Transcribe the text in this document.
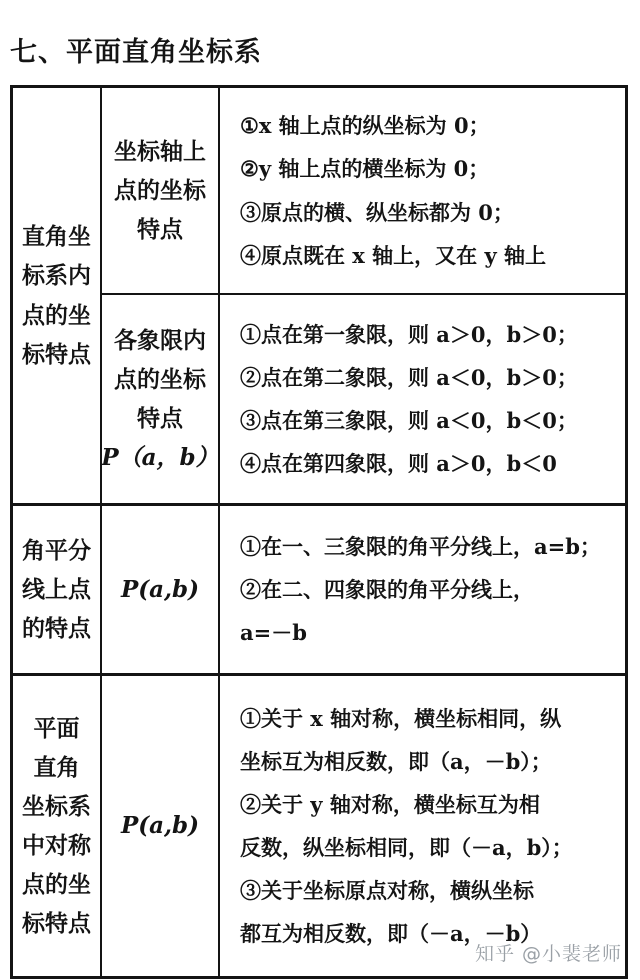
七、平面直角坐标系
直角坐
标系内
点的坐
标特点
坐标轴上
点的坐标
特点
①x 轴上点的纵坐标为 0；
②y 轴上点的横坐标为 0；
③原点的横、纵坐标都为 0；
④原点既在 x 轴上，又在 y 轴上
各象限内
点的坐标
特点
P（a，b）
①点在第一象限，则 a＞0，b＞0；
②点在第二象限，则 a＜0，b＞0；
③点在第三象限，则 a＜0，b＜0；
④点在第四象限，则 a＞0，b＜0
角平分
线上点
的特点
P(a,b)
①在一、三象限的角平分线上，a=b；
②在二、四象限的角平分线上，
a=－b
平面
直角
坐标系
中对称
点的坐
标特点
P(a,b)
①关于 x 轴对称，横坐标相同，纵
坐标互为相反数，即（a，－b）；
②关于 y 轴对称，横坐标互为相
反数，纵坐标相同，即（－a，b）；
③关于坐标原点对称，横纵坐标
都互为相反数，即（－a，－b）
知乎 @小裴老师
